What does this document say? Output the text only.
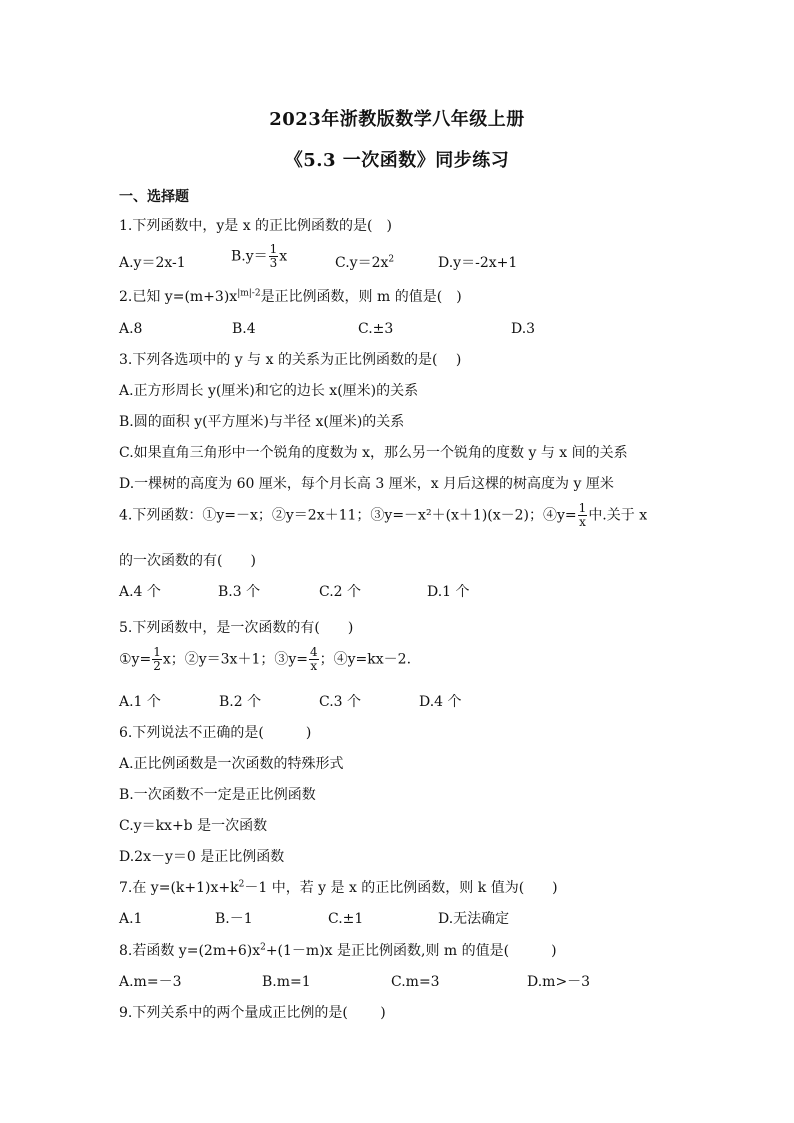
2023年浙教版数学八年级上册
《5.3 一次函数》同步练习
一、选择题
1.下列函数中，y是 x 的正比例函数的是(　)
A.y＝2x-1	$B.y= \frac{1}{3}$ x	$C.y=2x^2$	D.y＝-2x+1
2.已知 $y=(m+3)x^{|m|-2}$是正比例函数，则 m 的值是(　)
A.8	B.4	C.±3	D.3
3.下列各选项中的 y 与 x 的关系为正比例函数的是(　 )
A.正方形周长 y(厘米)和它的边长 x(厘米)的关系
B.圆的面积 y(平方厘米)与半径 x(厘米)的关系
C.如果直角三角形中一个锐角的度数为 x，那么另一个锐角的度数 y 与 x 间的关系
D.一棵树的高度为 60 厘米，每个月长高 3 厘米，x 月后这棵的树高度为 y 厘米
4.下列函数：①y=－x；②y＝2x＋11；③y=－x²＋(x＋1)(x－2)；④y= $\frac{1}{x}$ 中.关于 x
的一次函数的有(　　)
A.4 个	B.3 个	C.2 个	D.1 个
5.下列函数中，是一次函数的有(　　)
①y= $\frac{1}{2}$ x；②y＝3x＋1；③y= $\frac{4}{x}$ ；④y=kx－2.
A.1 个	B.2 个	C.3 个	D.4 个
6.下列说法不正确的是(　　　)
A.正比例函数是一次函数的特殊形式
B.一次函数不一定是正比例函数
C.y＝kx+b 是一次函数
D.2x－y＝0 是正比例函数
7.在 $y=(k+1)x+k^2-1$ 中，若 y 是 x 的正比例函数，则 k 值为(　　)
A.1	B.－1	C.±1	D.无法确定
8.若函数 $y=(2m+6)x^2+(1-m)x$ 是正比例函数,则 m 的值是(　　　)
A.m=－3	B.m=1	C.m=3	D.m>－3
9.下列关系中的两个量成正比例的是(　　 )
